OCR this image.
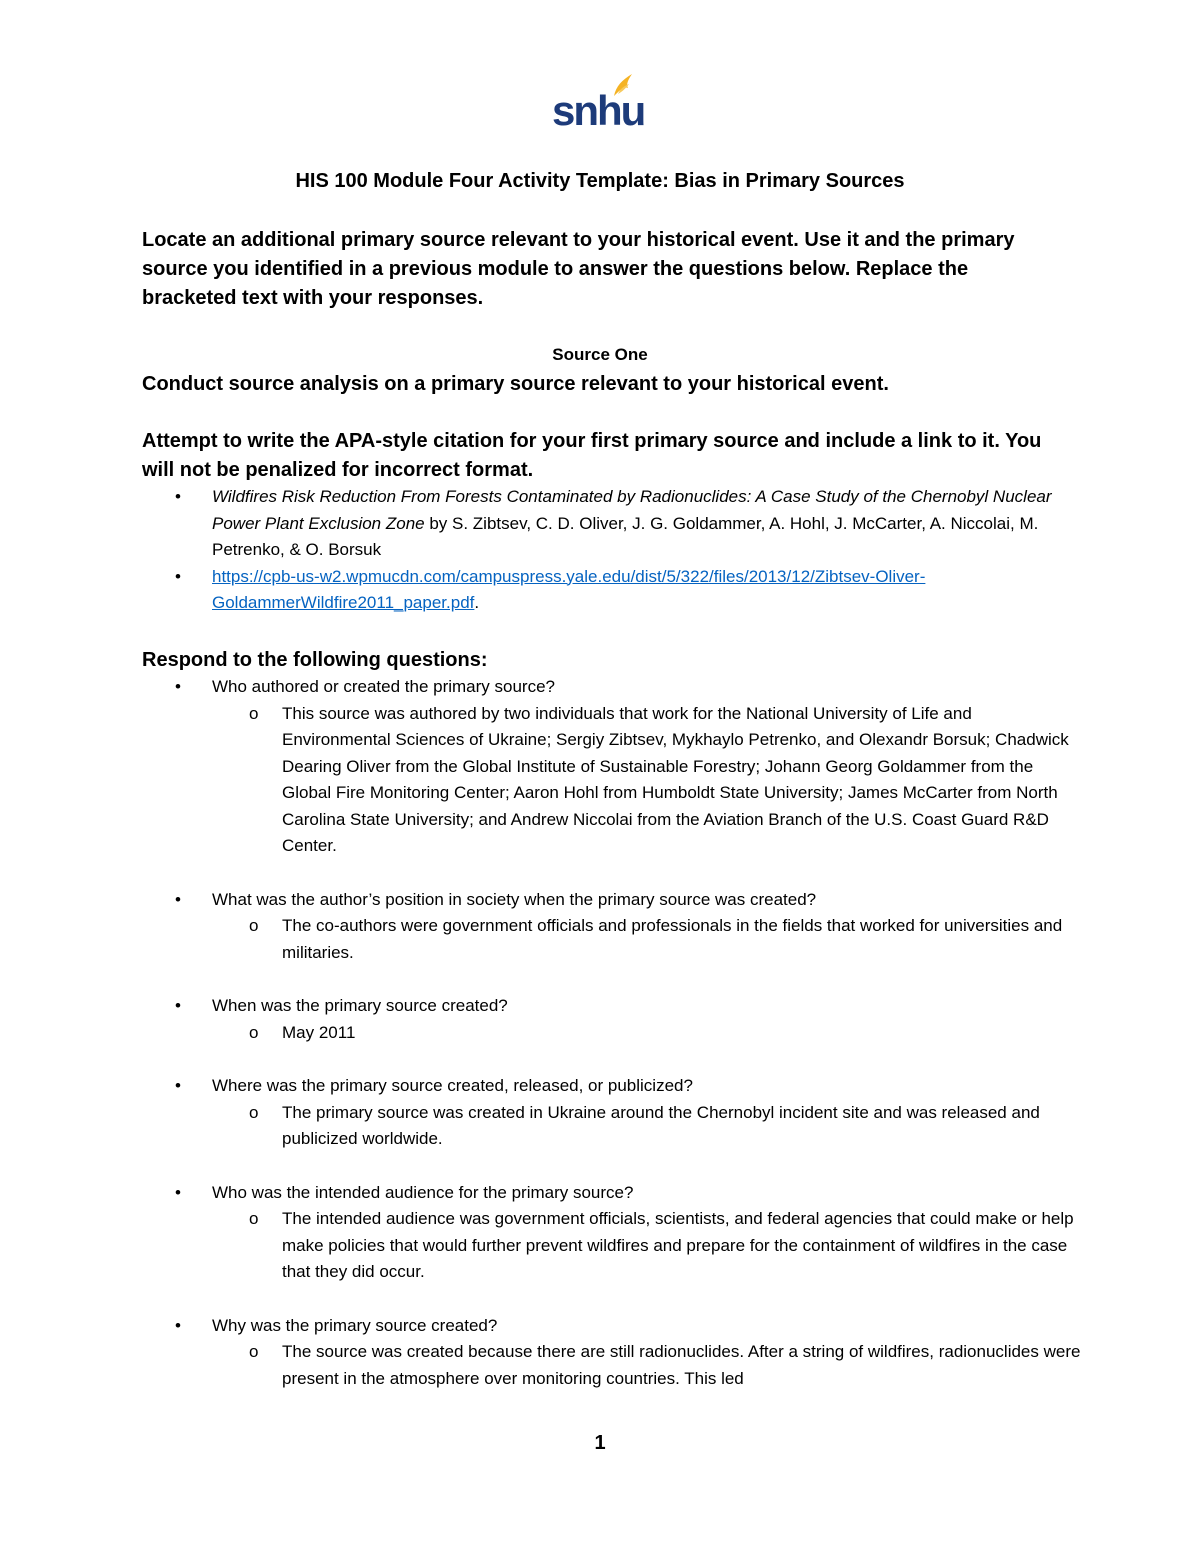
snhu
HIS 100 Module Four Activity Template: Bias in Primary Sources
Locate an additional primary source relevant to your historical event. Use it and the primary source you identified in a previous module to answer the questions below. Replace the bracketed text with your responses.
Source One
Conduct source analysis on a primary source relevant to your historical event.
Attempt to write the APA-style citation for your first primary source and include a link to it. You will not be penalized for incorrect format.
• Wildfires Risk Reduction From Forests Contaminated by Radionuclides: A Case Study of the Chernobyl Nuclear Power Plant Exclusion Zone by S. Zibtsev, C. D. Oliver, J. G. Goldammer, A. Hohl, J. McCarter, A. Niccolai, M. Petrenko, & O. Borsuk
• https://cpb-us-w2.wpmucdn.com/campuspress.yale.edu/dist/5/322/files/2013/12/Zibtsev-Oliver-GoldammerWildfire2011_paper.pdf.
Respond to the following questions:
• Who authored or created the primary source?
o This source was authored by two individuals that work for the National University of Life and Environmental Sciences of Ukraine; Sergiy Zibtsev, Mykhaylo Petrenko, and Olexandr Borsuk; Chadwick Dearing Oliver from the Global Institute of Sustainable Forestry; Johann Georg Goldammer from the Global Fire Monitoring Center; Aaron Hohl from Humboldt State University; James McCarter from North Carolina State University; and Andrew Niccolai from the Aviation Branch of the U.S. Coast Guard R&D Center.
• What was the author’s position in society when the primary source was created?
o The co-authors were government officials and professionals in the fields that worked for universities and militaries.
• When was the primary source created?
o May 2011
• Where was the primary source created, released, or publicized?
o The primary source was created in Ukraine around the Chernobyl incident site and was released and publicized worldwide.
• Who was the intended audience for the primary source?
o The intended audience was government officials, scientists, and federal agencies that could make or help make policies that would further prevent wildfires and prepare for the containment of wildfires in the case that they did occur.
• Why was the primary source created?
o The source was created because there are still radionuclides. After a string of wildfires, radionuclides were present in the atmosphere over monitoring countries. This led
1
